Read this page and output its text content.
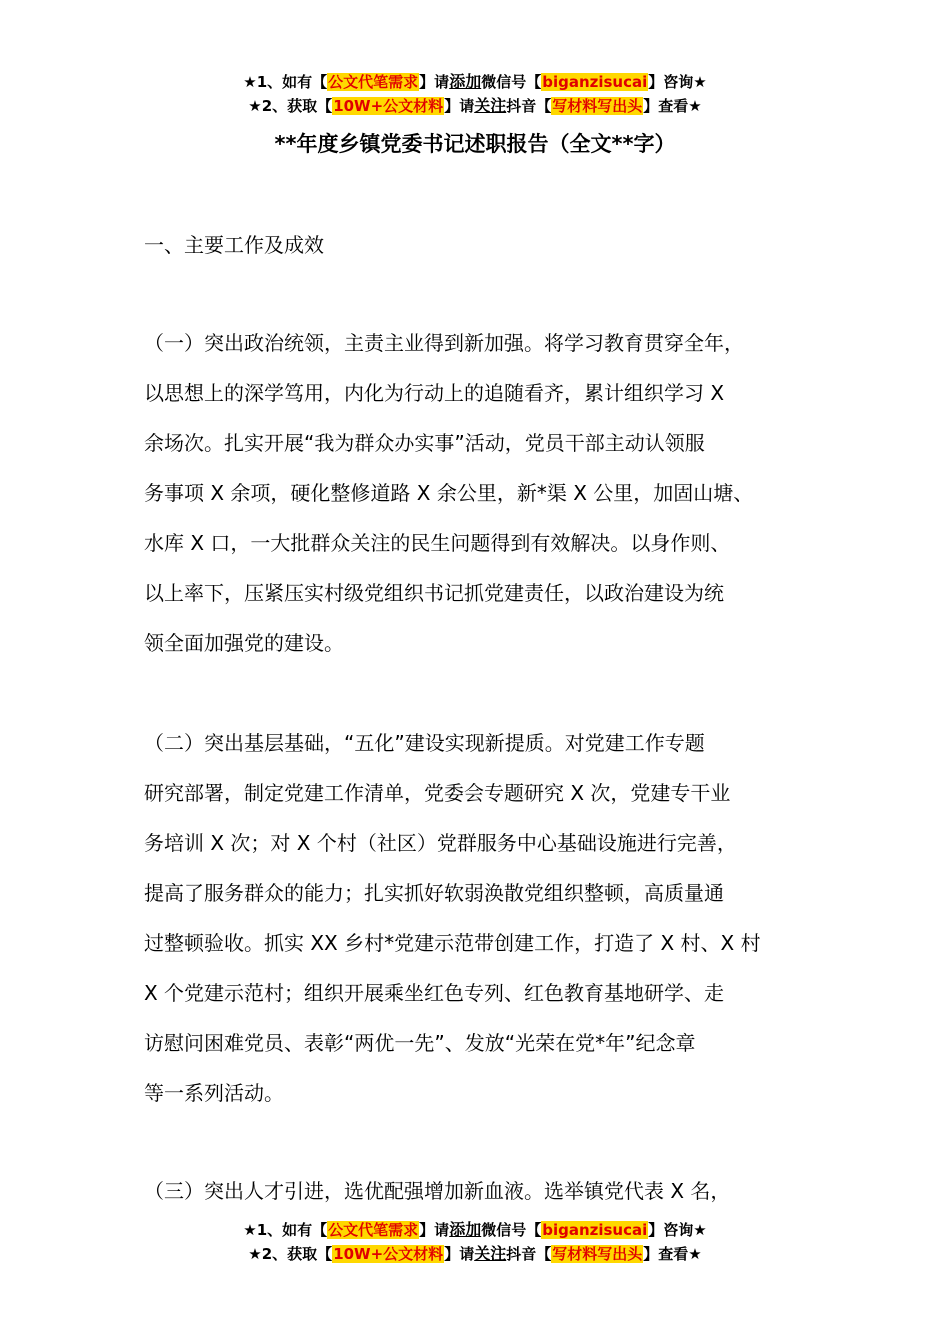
★1、如有【公文代笔需求】请添加微信号【biganzisucai】咨询★
★2、获取【10W+公文材料】请关注抖音【写材料写出头】查看★
**年度乡镇党委书记述职报告（全文**字）
一、主要工作及成效
（一）突出政治统领，主责主业得到新加强。将学习教育贯穿全年，
以思想上的深学笃用，内化为行动上的追随看齐，累计组织学习 X
余场次。扎实开展“我为群众办实事”活动，党员干部主动认领服
务事项 X 余项，硬化整修道路 X 余公里，新*渠 X 公里，加固山塘、
水库 X 口，一大批群众关注的民生问题得到有效解决。以身作则、
以上率下，压紧压实村级党组织书记抓党建责任，以政治建设为统
领全面加强党的建设。
（二）突出基层基础，“五化”建设实现新提质。对党建工作专题
研究部署，制定党建工作清单，党委会专题研究 X 次，党建专干业
务培训 X 次；对 X 个村（社区）党群服务中心基础设施进行完善，
提高了服务群众的能力；扎实抓好软弱涣散党组织整顿，高质量通
过整顿验收。抓实 XX 乡村*党建示范带创建工作，打造了 X 村、X 村
X 个党建示范村；组织开展乘坐红色专列、红色教育基地研学、走
访慰问困难党员、表彰“两优一先”、发放“光荣在党*年”纪念章
等一系列活动。
（三）突出人才引进，选优配强增加新血液。选举镇党代表 X 名，
★1、如有【公文代笔需求】请添加微信号【biganzisucai】咨询★
★2、获取【10W+公文材料】请关注抖音【写材料写出头】查看★
